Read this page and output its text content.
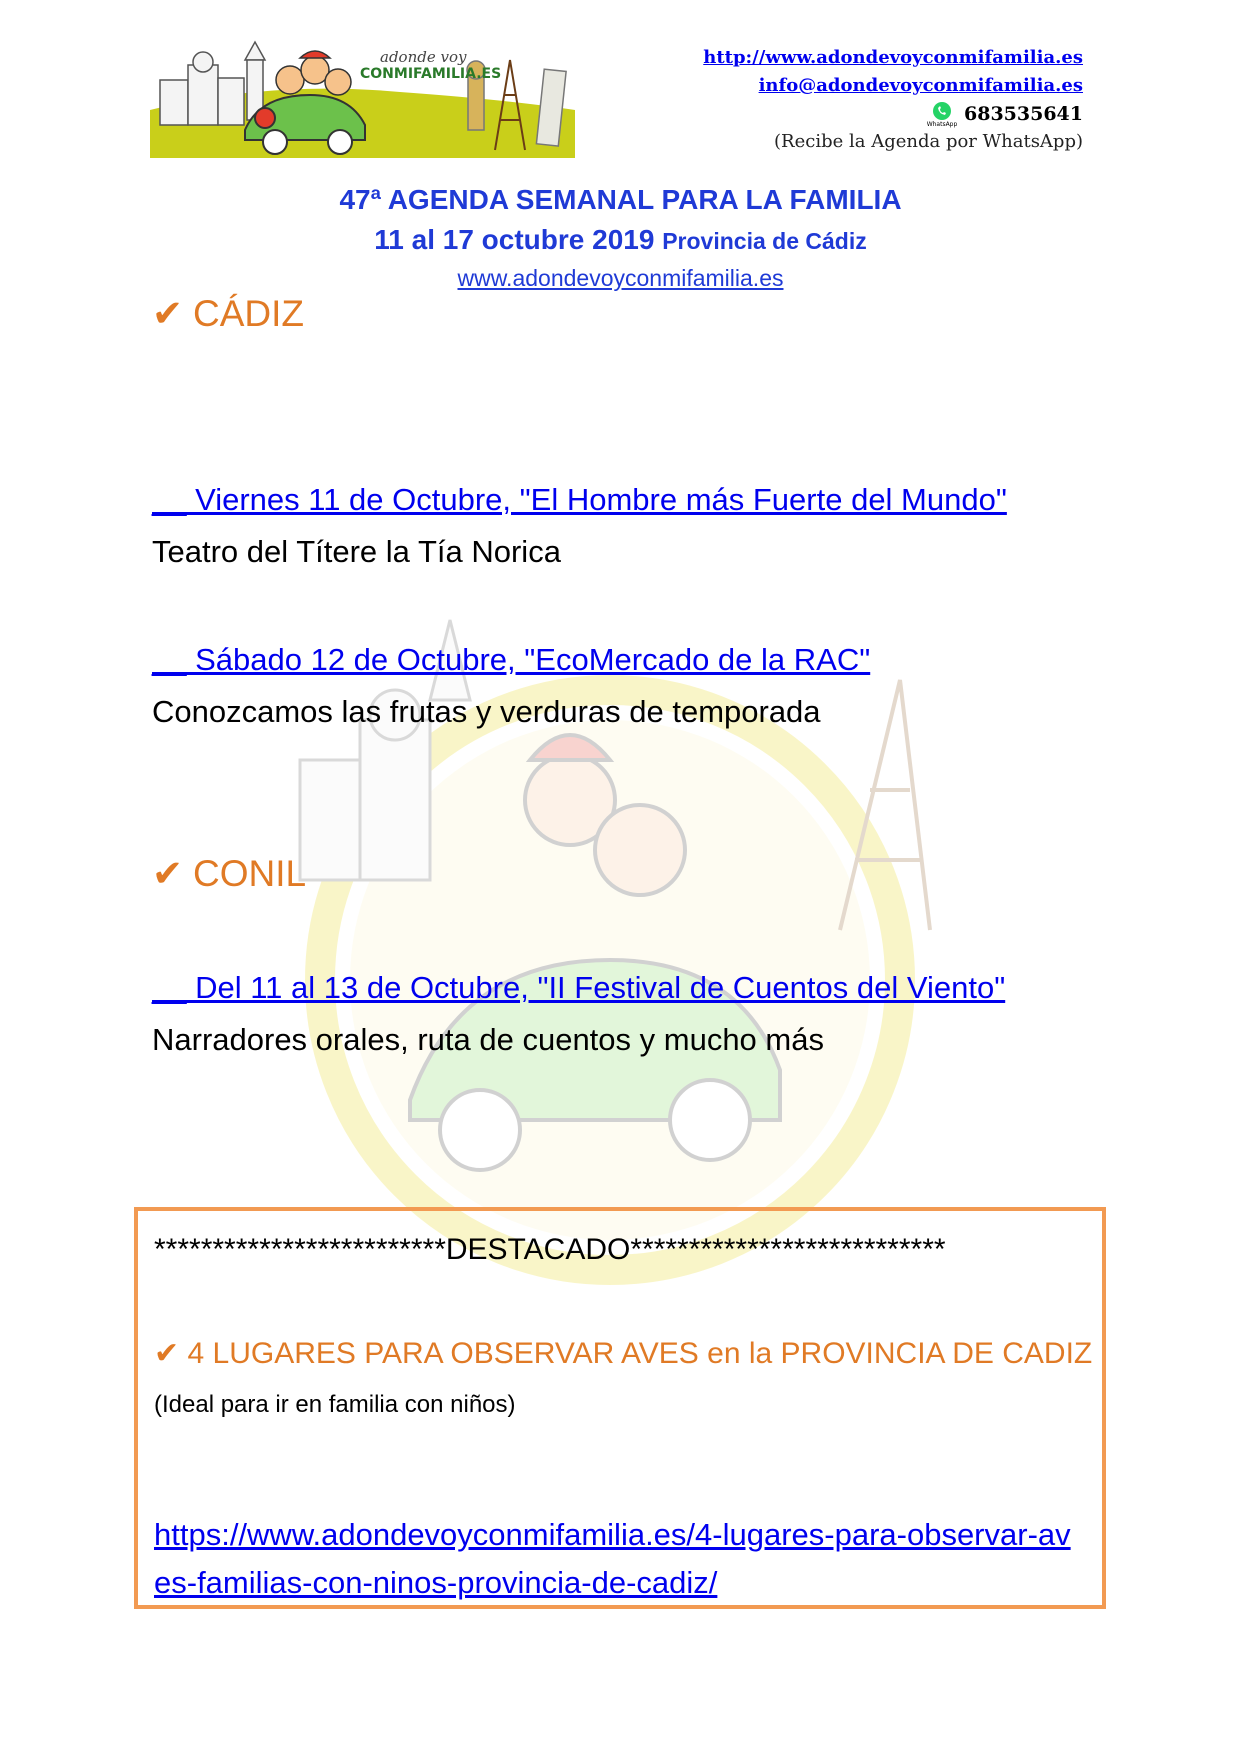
adonde voy
CONMIFAMILIA.ES
http://www.adondevoyconmifamilia.es
info@adondevoyconmifamilia.es
WhatsApp 683535641
(Recibe la Agenda por WhatsApp)

47ª AGENDA SEMANAL PARA LA FAMILIA

11 al 17 octubre 2019 Provincia de Cádiz

www.adondevoyconmifamilia.es
✔ CÁDIZ
__ Viernes 11 de Octubre, "El Hombre más Fuerte del Mundo"
Teatro del Títere la Tía Norica
__ Sábado 12 de Octubre, "EcoMercado de la RAC"
Conozcamos las frutas y verduras de temporada
✔ CONIL
__ Del 11 al 13 de Octubre, "II Festival de Cuentos del Viento"
Narradores orales, ruta de cuentos y mucho más
*************************DESTACADO***************************
✔ 4 LUGARES PARA OBSERVAR AVES en la PROVINCIA DE CADIZ
(Ideal para ir en familia con niños)
https://www.adondevoyconmifamilia.es/4-lugares-para-observar-aves-familias-con-ninos-provincia-de-cadiz/
